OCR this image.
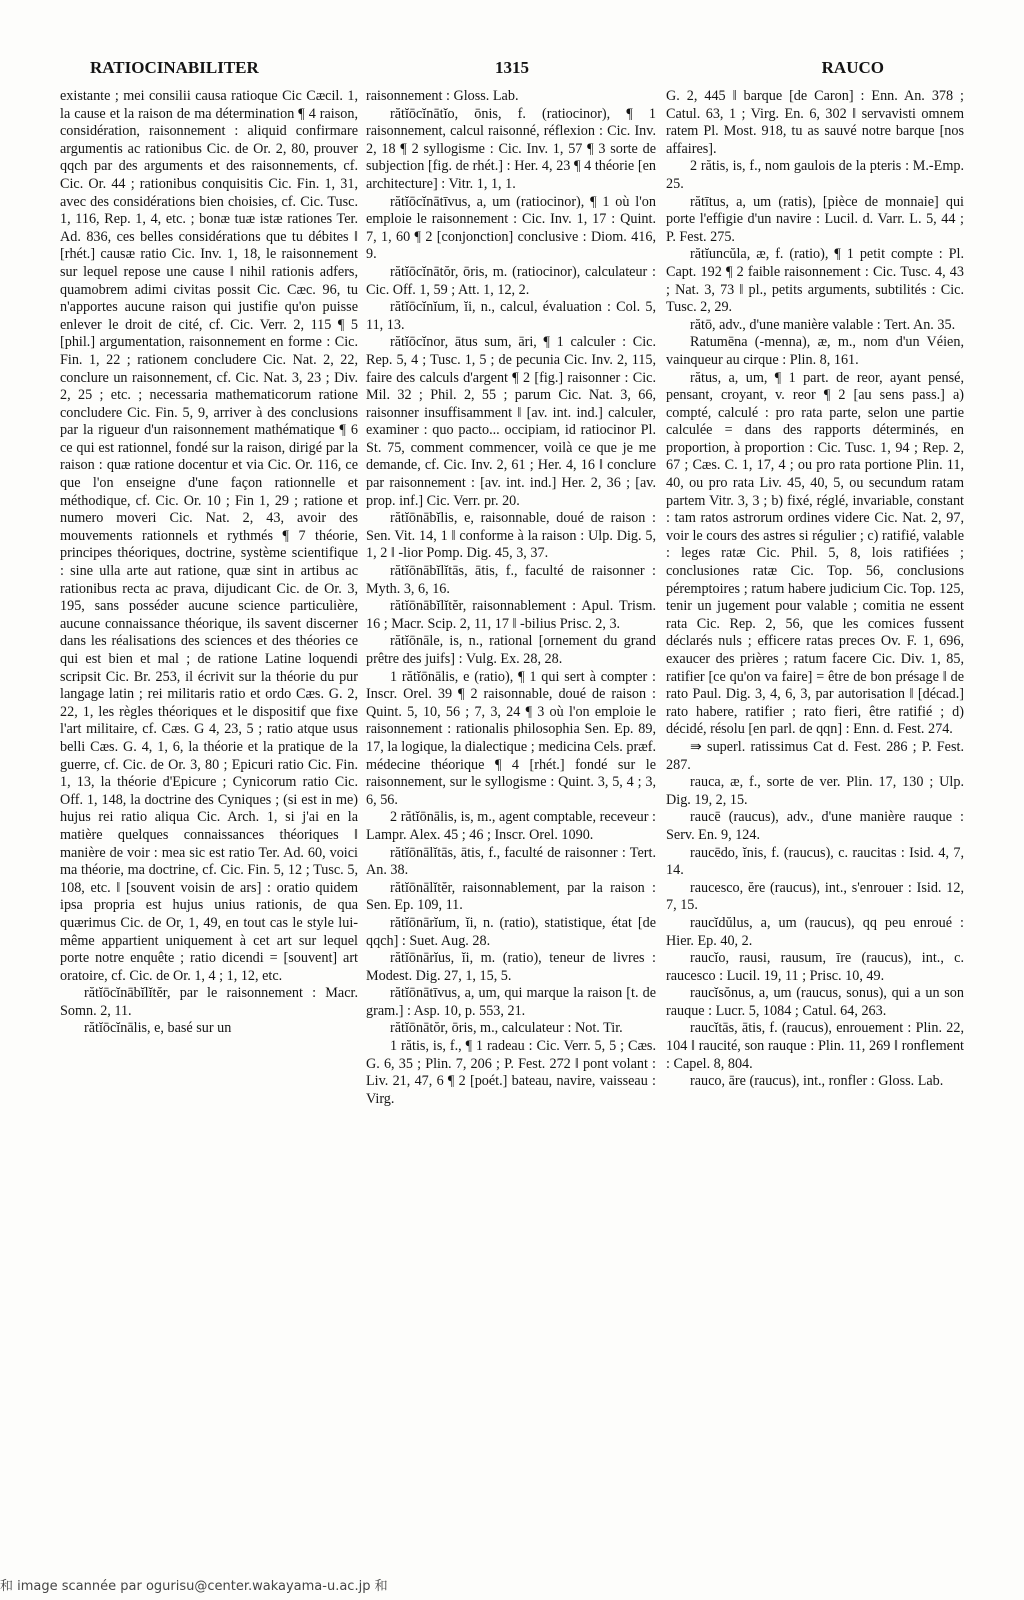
RATIOCINABILITER	1315	RAUCO

existante ; mei consilii causa ratioque Cic Cæcil. 1, la cause et la raison de ma détermination ¶ 4 raison, considération, raisonnement : aliquid confirmare argumentis ac rationibus Cic. de Or. 2, 80, prouver qqch par des arguments et des raisonnements, cf. Cic. Or. 44 ; rationibus conquisitis Cic. Fin. 1, 31, avec des considérations bien choisies, cf. Cic. Tusc. 1, 116, Rep. 1, 4, etc. ; bonæ tuæ istæ rationes Ter. Ad. 836, ces belles considérations que tu débites ‖ [rhét.] causæ ratio Cic. Inv. 1, 18, le raisonnement sur lequel repose une cause ‖ nihil rationis adfers, quamobrem adimi civitas possit Cic. Cæc. 96, tu n'apportes aucune raison qui justifie qu'on puisse enlever le droit de cité, cf. Cic. Verr. 2, 115 ¶ 5 [phil.] argumentation, raisonnement en forme : Cic. Fin. 1, 22 ; rationem concludere Cic. Nat. 2, 22, conclure un raisonnement, cf. Cic. Nat. 3, 23 ; Div. 2, 25 ; etc. ; necessaria mathematicorum ratione concludere Cic. Fin. 5, 9, arriver à des conclusions par la rigueur d'un raisonnement mathématique ¶ 6 ce qui est rationnel, fondé sur la raison, dirigé par la raison : quæ ratione docentur et via Cic. Or. 116, ce que l'on enseigne d'une façon rationnelle et méthodique, cf. Cic. Or. 10 ; Fin 1, 29 ; ratione et numero moveri Cic. Nat. 2, 43, avoir des mouvements rationnels et rythmés ¶ 7 théorie, principes théoriques, doctrine, système scientifique : sine ulla arte aut ratione, quæ sint in artibus ac rationibus recta ac prava, dijudicant Cic. de Or. 3, 195, sans posséder aucune science particulière, aucune connaissance théorique, ils savent discerner dans les réalisations des sciences et des théories ce qui est bien et mal ; de ratione Latine loquendi scripsit Cic. Br. 253, il écrivit sur la théorie du pur langage latin ; rei militaris ratio et ordo Cæs. G. 2, 22, 1, les règles théoriques et le dispositif que fixe l'art militaire, cf. Cæs. G 4, 23, 5 ; ratio atque usus belli Cæs. G. 4, 1, 6, la théorie et la pratique de la guerre, cf. Cic. de Or. 3, 80 ; Epicuri ratio Cic. Fin. 1, 13, la théorie d'Epicure ; Cynicorum ratio Cic. Off. 1, 148, la doctrine des Cyniques ; (si est in me) hujus rei ratio aliqua Cic. Arch. 1, si j'ai en la matière quelques connaissances théoriques ‖ manière de voir : mea sic est ratio Ter. Ad. 60, voici ma théorie, ma doctrine, cf. Cic. Fin. 5, 12 ; Tusc. 5, 108, etc. ‖ [souvent voisin de ars] : oratio quidem ipsa propria est hujus unius rationis, de qua quærimus Cic. de Or, 1, 49, en tout cas le style lui-même appartient uniquement à cet art sur lequel porte notre enquête ; ratio dicendi = [souvent] art oratoire, cf. Cic. de Or. 1, 4 ; 1, 12, etc.

rătĭōcĭnābĭlĭtĕr, par le raisonnement : Macr. Somn. 2, 11.

rătĭōcĭnālis, e, basé sur un

raisonnement : Gloss. Lab.

rătĭōcĭnātĭo, ōnis, f. (ratiocinor), ¶ 1 raisonnement, calcul raisonné, réflexion : Cic. Inv. 2, 18 ¶ 2 syllogisme : Cic. Inv. 1, 57 ¶ 3 sorte de subjection [fig. de rhét.] : Her. 4, 23 ¶ 4 théorie [en architecture] : Vitr. 1, 1, 1.

rătĭōcĭnātīvus, a, um (ratiocinor), ¶ 1 où l'on emploie le raisonnement : Cic. Inv. 1, 17 : Quint. 7, 1, 60 ¶ 2 [conjonction] conclusive : Diom. 416, 9.

rătĭōcĭnātŏr, ōris, m. (ratiocinor), calculateur : Cic. Off. 1, 59 ; Att. 1, 12, 2.

rătĭōcĭnĭum, ĭi, n., calcul, évaluation : Col. 5, 11, 13.

rătĭōcĭnor, ātus sum, āri, ¶ 1 calculer : Cic. Rep. 5, 4 ; Tusc. 1, 5 ; de pecunia Cic. Inv. 2, 115, faire des calculs d'argent ¶ 2 [fig.] raisonner : Cic. Mil. 32 ; Phil. 2, 55 ; parum Cic. Nat. 3, 66, raisonner insuffisamment ‖ [av. int. ind.] calculer, examiner : quo pacto... occipiam, id ratiocinor Pl. St. 75, comment commencer, voilà ce que je me demande, cf. Cic. Inv. 2, 61 ; Her. 4, 16 ‖ conclure par raisonnement : [av. int. ind.] Her. 2, 36 ; [av. prop. inf.] Cic. Verr. pr. 20.

rătĭōnābĭlis, e, raisonnable, doué de raison : Sen. Vit. 14, 1 ‖ conforme à la raison : Ulp. Dig. 5, 1, 2 ‖ -lior Pomp. Dig. 45, 3, 37.

rătĭōnābĭlĭtās, ātis, f., faculté de raisonner : Myth. 3, 6, 16.

rătĭōnābĭlĭtĕr, raisonnablement : Apul. Trism. 16 ; Macr. Scip. 2, 11, 17 ‖ -bilius Prisc. 2, 3.

rătĭōnāle, is, n., rational [ornement du grand prêtre des juifs] : Vulg. Ex. 28, 28.

1 rătĭōnālis, e (ratio), ¶ 1 qui sert à compter : Inscr. Orel. 39 ¶ 2 raisonnable, doué de raison : Quint. 5, 10, 56 ; 7, 3, 24 ¶ 3 où l'on emploie le raisonnement : rationalis philosophia Sen. Ep. 89, 17, la logique, la dialectique ; medicina Cels. præf. médecine théorique ¶ 4 [rhét.] fondé sur le raisonnement, sur le syllogisme : Quint. 3, 5, 4 ; 3, 6, 56.

2 rătĭōnālis, is, m., agent comptable, receveur : Lampr. Alex. 45 ; 46 ; Inscr. Orel. 1090.

rătĭōnālĭtās, ātis, f., faculté de raisonner : Tert. An. 38.

rătĭōnālĭtĕr, raisonnablement, par la raison : Sen. Ep. 109, 11.

rătĭōnārĭum, ĭi, n. (ratio), statistique, état [de qqch] : Suet. Aug. 28.

rătĭōnārĭus, ĭi, m. (ratio), teneur de livres : Modest. Dig. 27, 1, 15, 5.

rătĭōnātīvus, a, um, qui marque la raison [t. de gram.] : Asp. 10, p. 553, 21.

rătĭōnātŏr, ōris, m., calculateur : Not. Tir.

1 rătis, is, f., ¶ 1 radeau : Cic. Verr. 5, 5 ; Cæs. G. 6, 35 ; Plin. 7, 206 ; P. Fest. 272 ‖ pont volant : Liv. 21, 47, 6 ¶ 2 [poét.] bateau, navire, vaisseau : Virg.

G. 2, 445 ‖ barque [de Caron] : Enn. An. 378 ; Catul. 63, 1 ; Virg. En. 6, 302 ‖ servavisti omnem ratem Pl. Most. 918, tu as sauvé notre barque [nos affaires].

2 rătis, is, f., nom gaulois de la pteris : M.-Emp. 25.

rătītus, a, um (ratis), [pièce de monnaie] qui porte l'effigie d'un navire : Lucil. d. Varr. L. 5, 44 ; P. Fest. 275.

rătĭuncŭla, æ, f. (ratio), ¶ 1 petit compte : Pl. Capt. 192 ¶ 2 faible raisonnement : Cic. Tusc. 4, 43 ; Nat. 3, 73 ‖ pl., petits arguments, subtilités : Cic. Tusc. 2, 29.

rătō, adv., d'une manière valable : Tert. An. 35.

Ratumēna (-menna), æ, m., nom d'un Véien, vainqueur au cirque : Plin. 8, 161.

rătus, a, um, ¶ 1 part. de reor, ayant pensé, pensant, croyant, v. reor ¶ 2 [au sens pass.] a) compté, calculé : pro rata parte, selon une partie calculée = dans des rapports déterminés, en proportion, à proportion : Cic. Tusc. 1, 94 ; Rep. 2, 67 ; Cæs. C. 1, 17, 4 ; ou pro rata portione Plin. 11, 40, ou pro rata Liv. 45, 40, 5, ou secundum ratam partem Vitr. 3, 3 ; b) fixé, réglé, invariable, constant : tam ratos astrorum ordines videre Cic. Nat. 2, 97, voir le cours des astres si régulier ; c) ratifié, valable : leges ratæ Cic. Phil. 5, 8, lois ratifiées ; conclusiones ratæ Cic. Top. 56, conclusions péremptoires ; ratum habere judicium Cic. Top. 125, tenir un jugement pour valable ; comitia ne essent rata Cic. Rep. 2, 56, que les comices fussent déclarés nuls ; efficere ratas preces Ov. F. 1, 696, exaucer des prières ; ratum facere Cic. Div. 1, 85, ratifier [ce qu'on va faire] = être de bon présage ‖ de rato Paul. Dig. 3, 4, 6, 3, par autorisation ‖ [décad.] rato habere, ratifier ; rato fieri, être ratifié ; d) décidé, résolu [en parl. de qqn] : Enn. d. Fest. 274.

⇛ superl. ratissimus Cat d. Fest. 286 ; P. Fest. 287.

rauca, æ, f., sorte de ver. Plin. 17, 130 ; Ulp. Dig. 19, 2, 15.

raucē (raucus), adv., d'une manière rauque : Serv. En. 9, 124.

raucēdo, ĭnis, f. (raucus), c. raucitas : Isid. 4, 7, 14.

raucesco, ĕre (raucus), int., s'enrouer : Isid. 12, 7, 15.

raucĭdŭlus, a, um (raucus), qq peu enroué : Hier. Ep. 40, 2.

raucĭo, rausi, rausum, īre (raucus), int., c. raucesco : Lucil. 19, 11 ; Prisc. 10, 49.

raucĭsŏnus, a, um (raucus, sonus), qui a un son rauque : Lucr. 5, 1084 ; Catul. 64, 263.

raucĭtās, ātis, f. (raucus), enrouement : Plin. 22, 104 ‖ raucité, son rauque : Plin. 11, 269 ‖ ronflement : Capel. 8, 804.

rauco, āre (raucus), int., ronfler : Gloss. Lab.

和 image scannée par ogurisu@center.wakayama-u.ac.jp 和
